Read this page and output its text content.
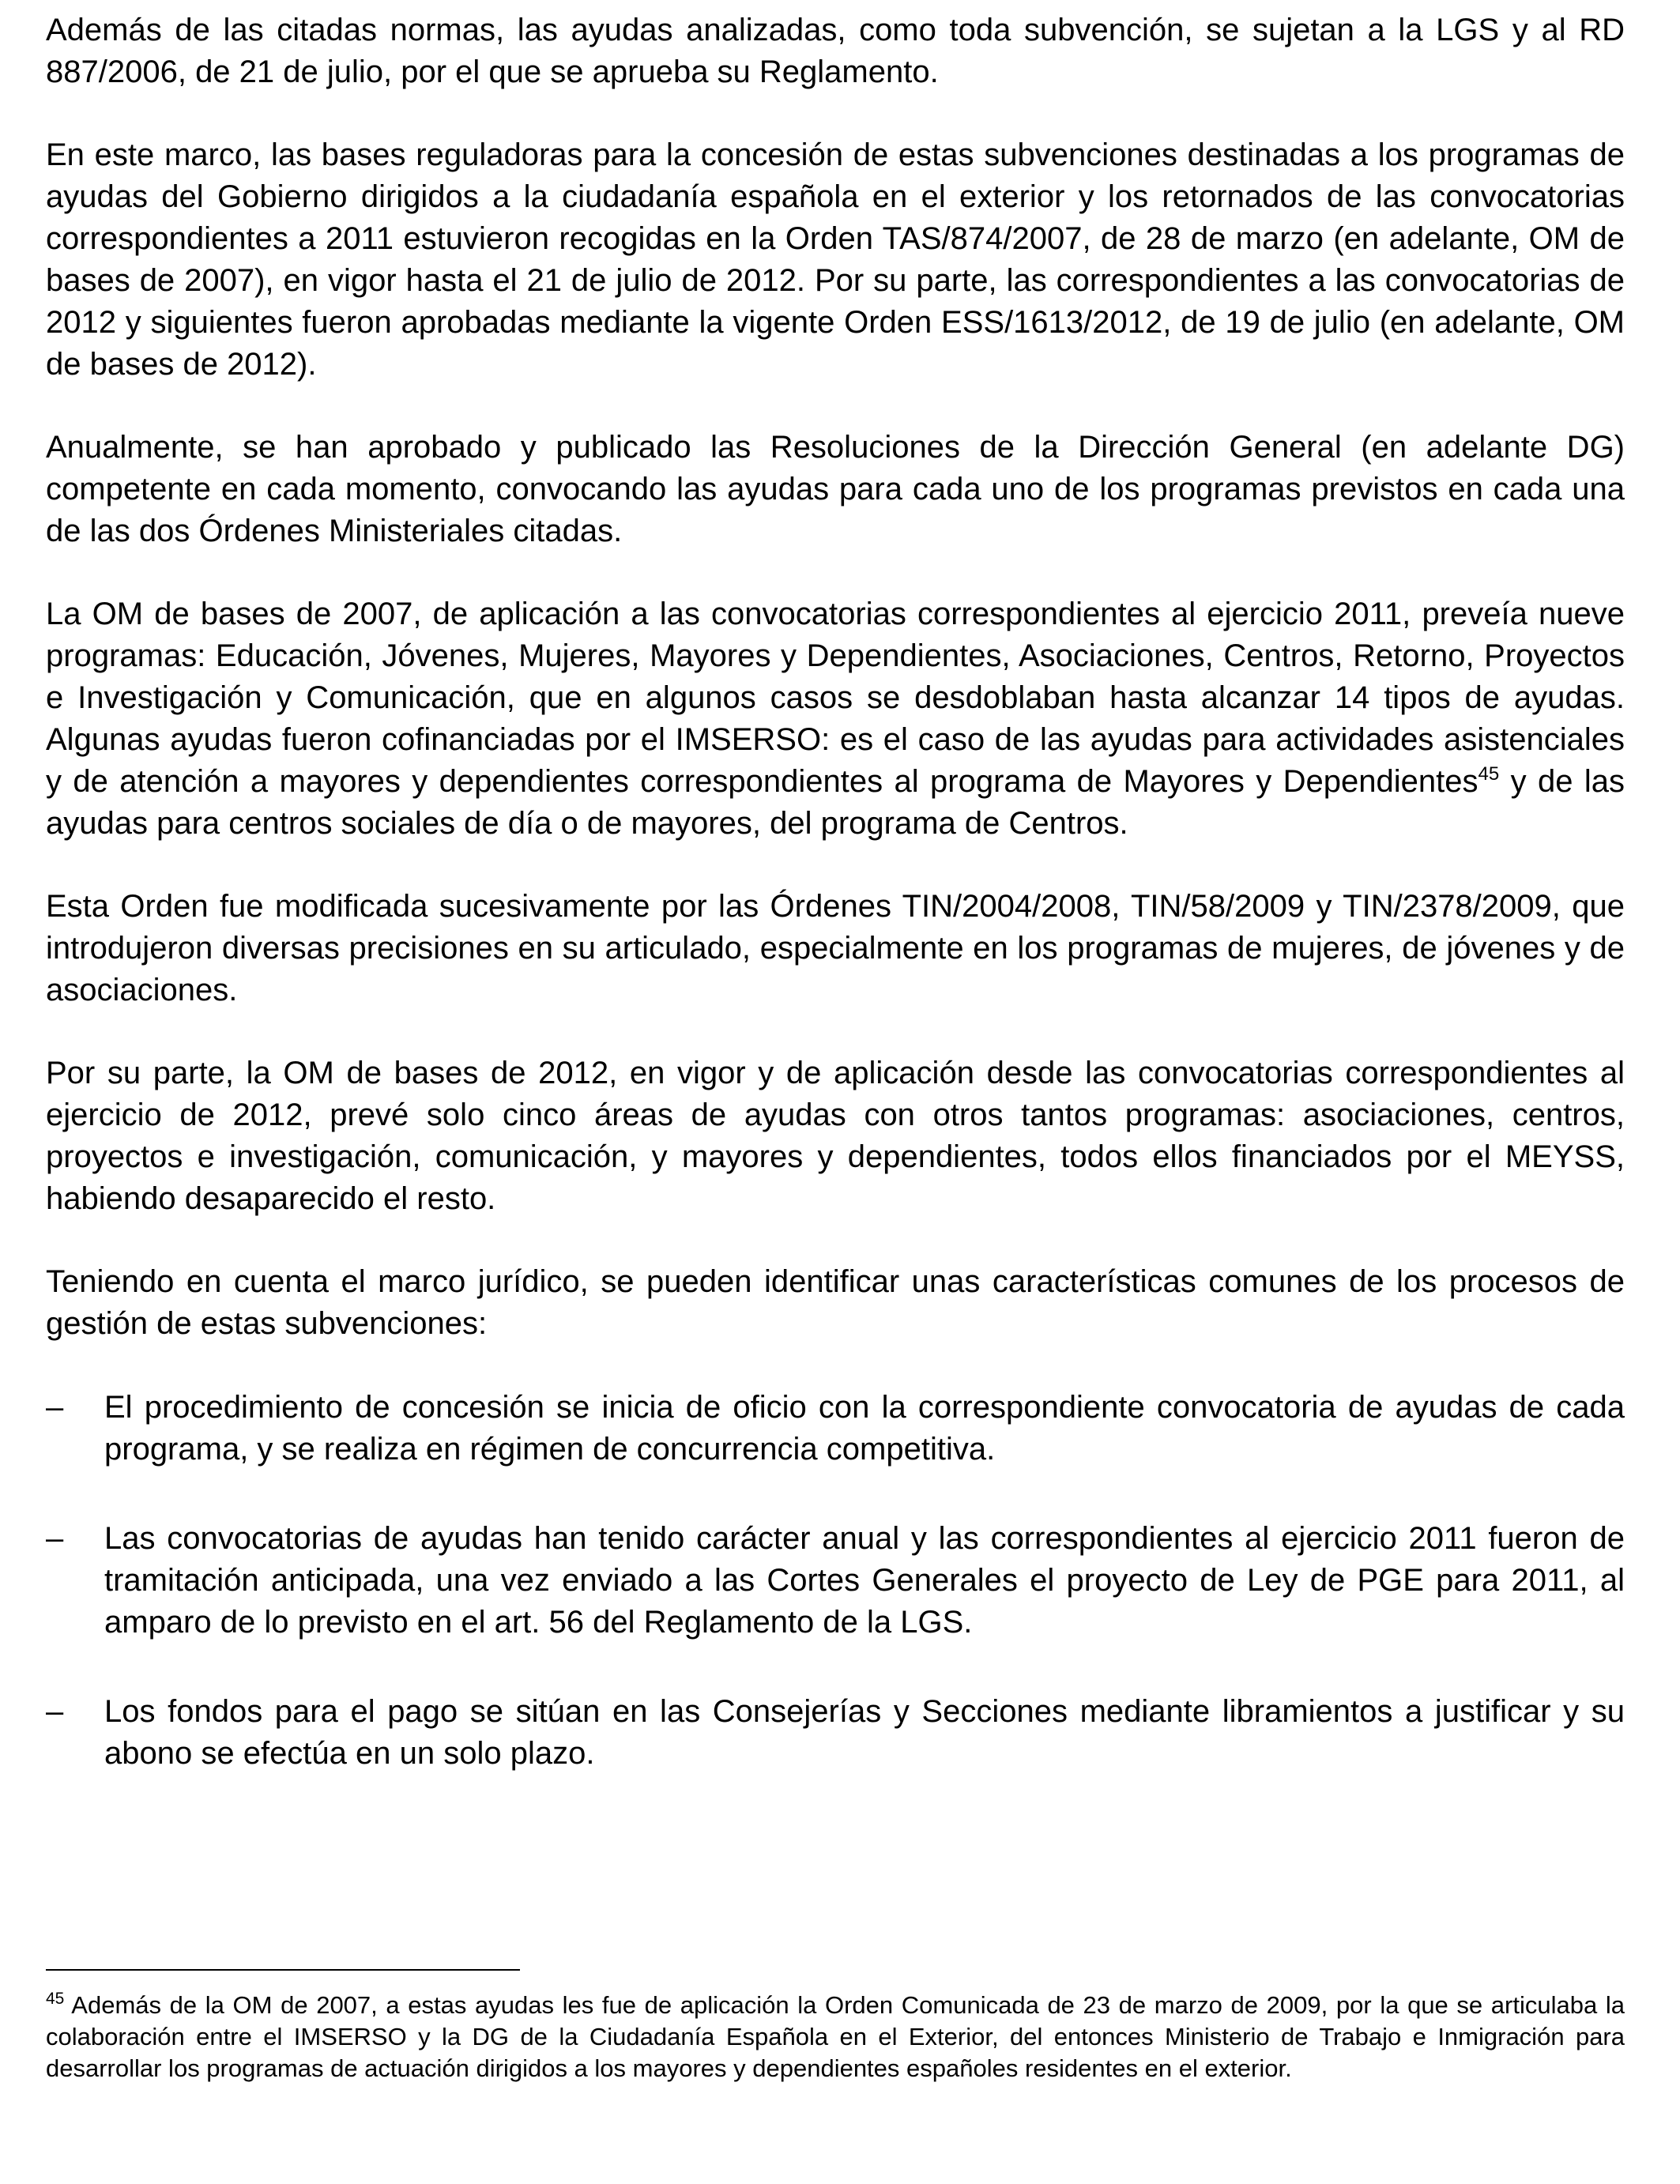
Además de las citadas normas, las ayudas analizadas, como toda subvención, se sujetan a la LGS y al RD 887/2006, de 21 de julio, por el que se aprueba su Reglamento.

En este marco, las bases reguladoras para la concesión de estas subvenciones destinadas a los programas de ayudas del Gobierno dirigidos a la ciudadanía española en el exterior y los retornados de las convocatorias correspondientes a 2011 estuvieron recogidas en la Orden TAS/874/2007, de 28 de marzo (en adelante, OM de bases de 2007), en vigor hasta el 21 de julio de 2012. Por su parte, las correspondientes a las convocatorias de 2012 y siguientes fueron aprobadas mediante la vigente Orden ESS/1613/2012, de 19 de julio (en adelante, OM de bases de 2012).

Anualmente, se han aprobado y publicado las Resoluciones de la Dirección General (en adelante DG) competente en cada momento, convocando las ayudas para cada uno de los programas previstos en cada una de las dos Órdenes Ministeriales citadas.

La OM de bases de 2007, de aplicación a las convocatorias correspondientes al ejercicio 2011, preveía nueve programas: Educación, Jóvenes, Mujeres, Mayores y Dependientes, Asociaciones, Centros, Retorno, Proyectos e Investigación y Comunicación, que en algunos casos se desdoblaban hasta alcanzar 14 tipos de ayudas. Algunas ayudas fueron cofinanciadas por el IMSERSO: es el caso de las ayudas para actividades asistenciales y de atención a mayores y dependientes correspondientes al programa de Mayores y Dependientes$^{45}$ y de las ayudas para centros sociales de día o de mayores, del programa de Centros.

Esta Orden fue modificada sucesivamente por las Órdenes TIN/2004/2008, TIN/58/2009 y TIN/2378/2009, que introdujeron diversas precisiones en su articulado, especialmente en los programas de mujeres, de jóvenes y de asociaciones.

Por su parte, la OM de bases de 2012, en vigor y de aplicación desde las convocatorias correspondientes al ejercicio de 2012, prevé solo cinco áreas de ayudas con otros tantos programas: asociaciones, centros, proyectos e investigación, comunicación, y mayores y dependientes, todos ellos financiados por el MEYSS, habiendo desaparecido el resto.

Teniendo en cuenta el marco jurídico, se pueden identificar unas características comunes de los procesos de gestión de estas subvenciones:

–	El procedimiento de concesión se inicia de oficio con la correspondiente convocatoria de ayudas de cada programa, y se realiza en régimen de concurrencia competitiva.
–	Las convocatorias de ayudas han tenido carácter anual y las correspondientes al ejercicio 2011 fueron de tramitación anticipada, una vez enviado a las Cortes Generales el proyecto de Ley de PGE para 2011, al amparo de lo previsto en el art. 56 del Reglamento de la LGS.
–	Los fondos para el pago se sitúan en las Consejerías y Secciones mediante libramientos a justificar y su abono se efectúa en un solo plazo.
$^{45}$ Además de la OM de 2007, a estas ayudas les fue de aplicación la Orden Comunicada de 23 de marzo de 2009, por la que se articulaba la colaboración entre el IMSERSO y la DG de la Ciudadanía Española en el Exterior, del entonces Ministerio de Trabajo e Inmigración para desarrollar los programas de actuación dirigidos a los mayores y dependientes españoles residentes en el exterior.
